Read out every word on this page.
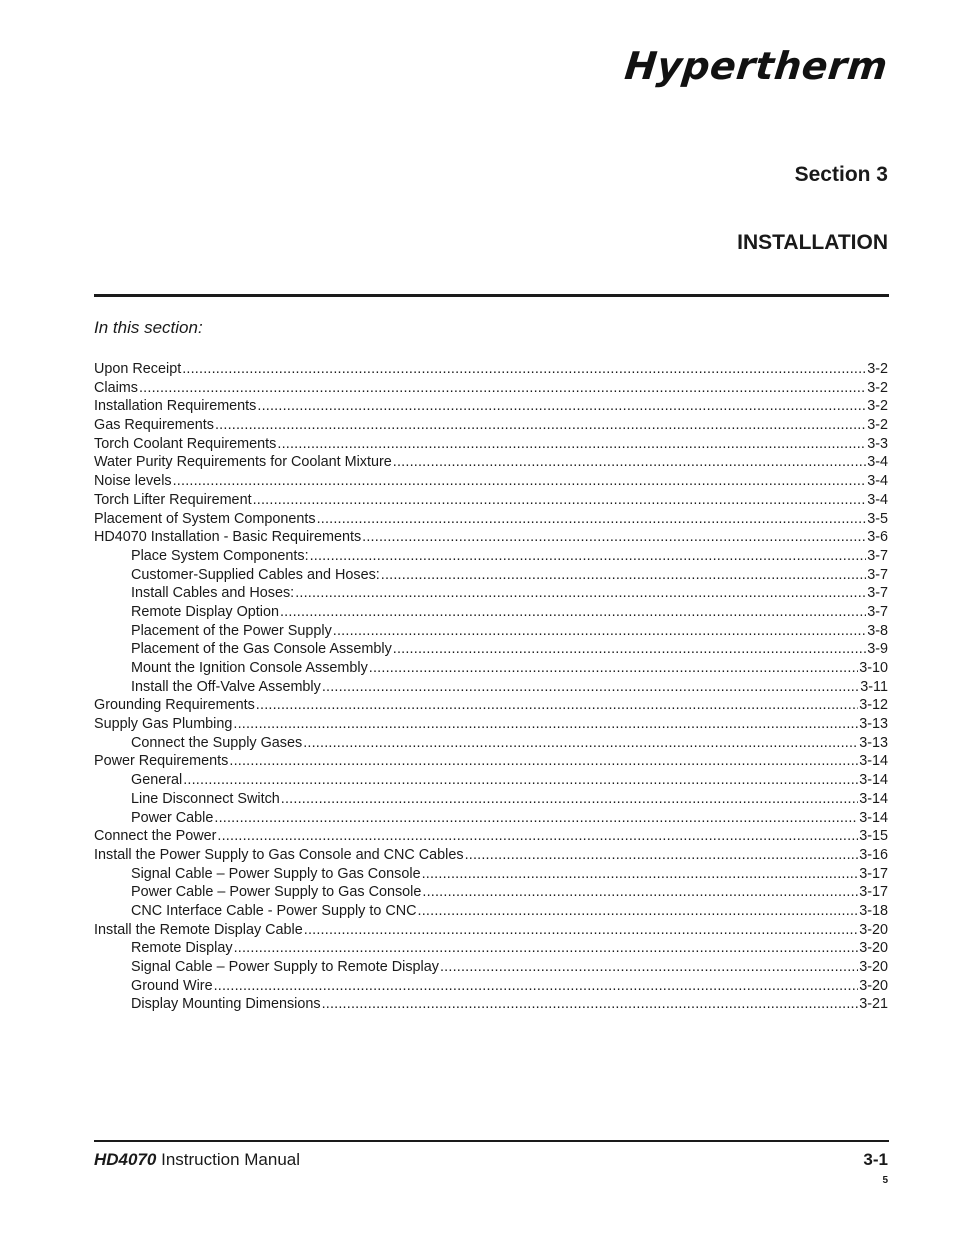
Hypertherm
Section 3
INSTALLATION
In this section:
Upon Receipt .....	3-2
Claims .....	3-2
Installation Requirements .....	3-2
Gas Requirements .....	3-2
Torch Coolant Requirements .....	3-3
Water Purity Requirements for Coolant Mixture .....	3-4
Noise levels .....	3-4
Torch Lifter Requirement .....	3-4
Placement of System Components .....	3-5
HD4070 Installation - Basic Requirements .....	3-6
Place System Components: .....	3-7
Customer-Supplied Cables and Hoses: .....	3-7
Install Cables and Hoses: .....	3-7
Remote Display Option .....	3-7
Placement of the Power Supply .....	3-8
Placement of the Gas Console Assembly .....	3-9
Mount the Ignition Console Assembly .....	3-10
Install the Off-Valve Assembly .....	3-11
Grounding Requirements .....	3-12
Supply Gas Plumbing .....	3-13
Connect the Supply Gases .....	3-13
Power Requirements .....	3-14
General .....	3-14
Line Disconnect Switch .....	3-14
Power Cable .....	3-14
Connect the Power .....	3-15
Install the Power Supply to Gas Console and CNC Cables .....	3-16
Signal Cable – Power Supply to Gas Console .....	3-17
Power Cable – Power Supply to Gas Console .....	3-17
CNC Interface Cable - Power Supply to CNC .....	3-18
Install the Remote Display Cable .....	3-20
Remote Display .....	3-20
Signal Cable – Power Supply to Remote Display .....	3-20
Ground Wire .....	3-20
Display Mounting Dimensions .....	3-21
HD4070 Instruction Manual	3-1
5
